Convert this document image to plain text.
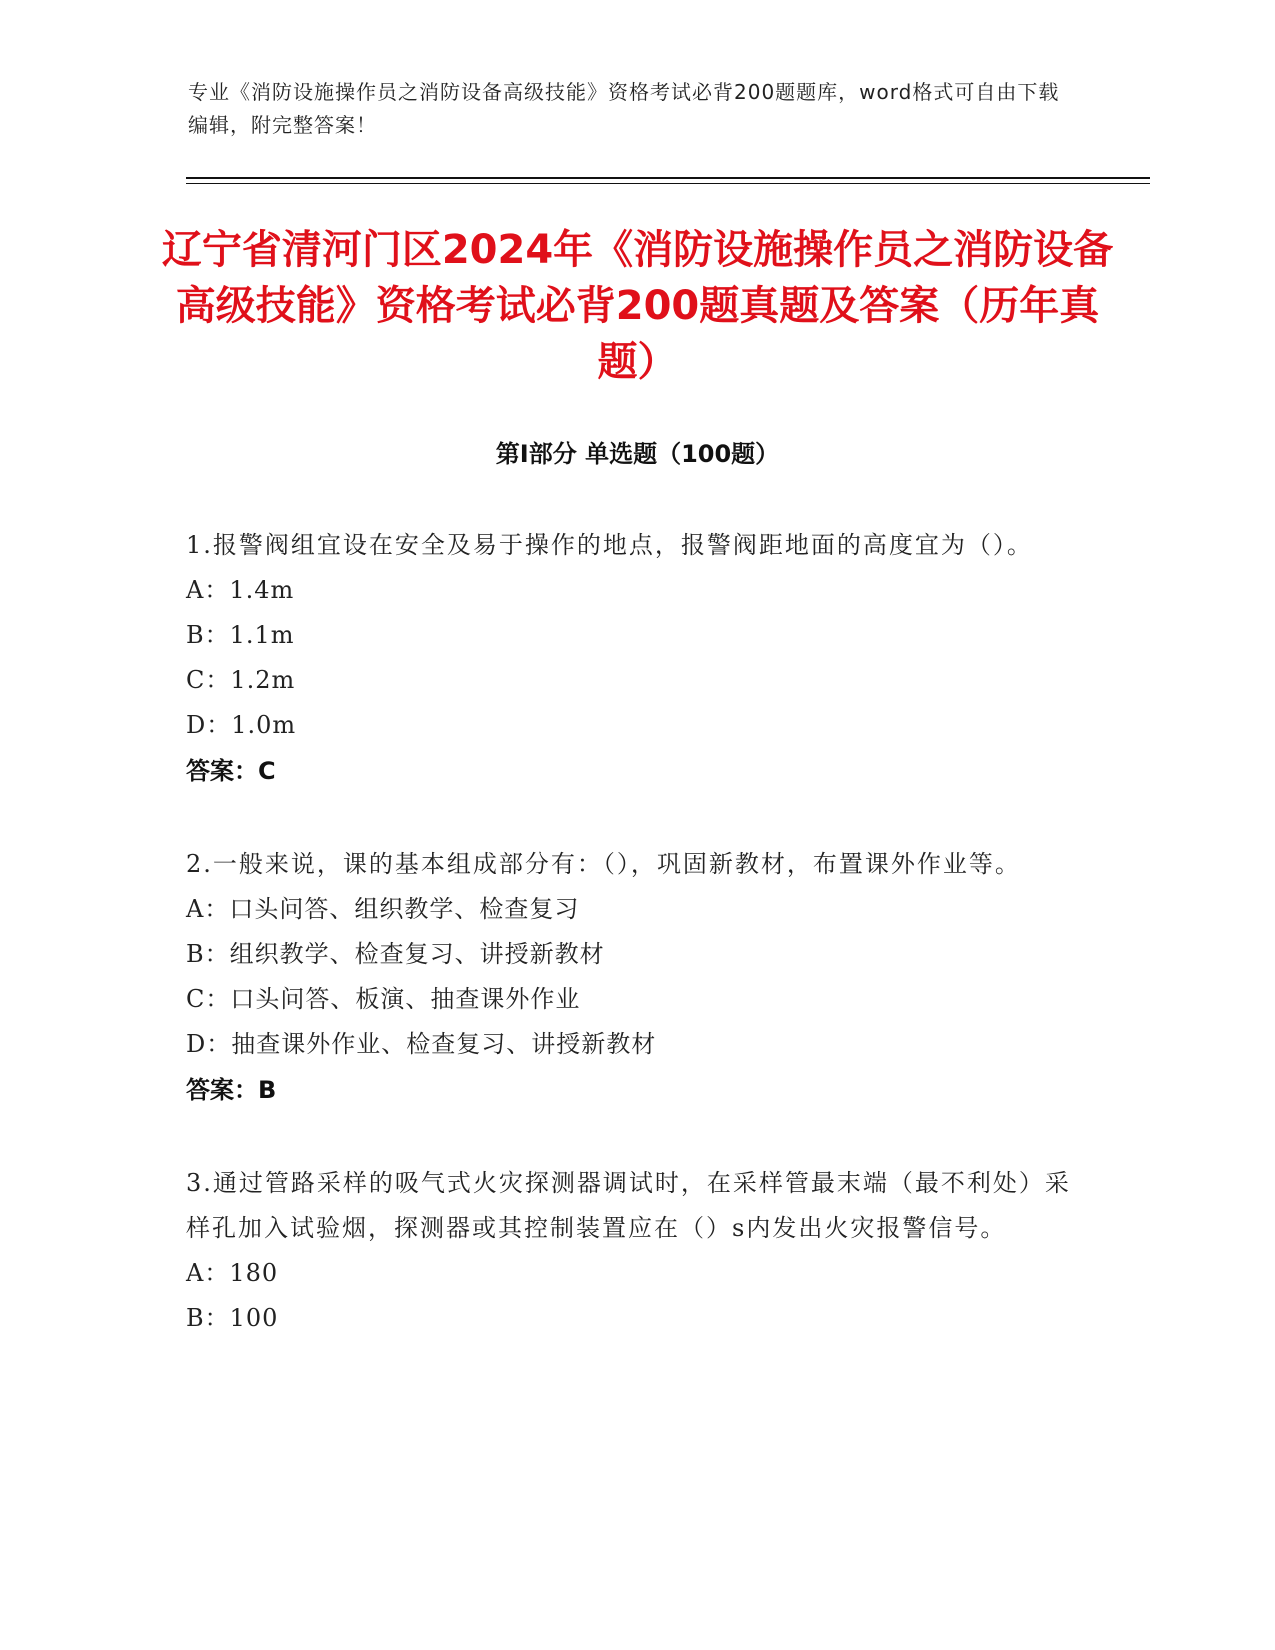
专业《消防设施操作员之消防设备高级技能》资格考试必背200题题库，word格式可自由下载编辑，附完整答案！
辽宁省清河门区2024年《消防设施操作员之消防设备高级技能》资格考试必背200题真题及答案（历年真题）
第I部分 单选题（100题）
1.报警阀组宜设在安全及易于操作的地点，报警阀距地面的高度宜为（）。
A：1.4m
B：1.1m
C：1.2m
D：1.0m
答案：C
2.一般来说，课的基本组成部分有：（），巩固新教材，布置课外作业等。
A：口头问答、组织教学、检查复习
B：组织教学、检查复习、讲授新教材
C：口头问答、板演、抽查课外作业
D：抽查课外作业、检查复习、讲授新教材
答案：B
3.通过管路采样的吸气式火灾探测器调试时，在采样管最末端（最不利处）采样孔加入试验烟，探测器或其控制装置应在（）s内发出火灾报警信号。
A：180
B：100
